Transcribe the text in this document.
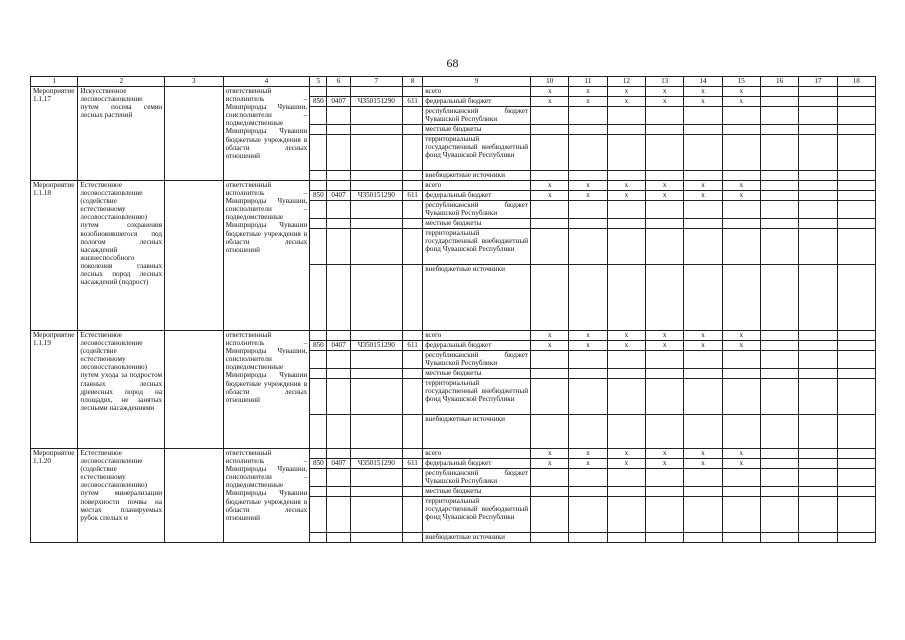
68
1	2	3	4	5	6	7	8	9	10	11	12	13	14	15	16	17	18
Мероприятие 1.1.17	Искусственное лесовосстановление путем посева семян лесных растений		ответственный исполнитель – Минприроды Чувашии, соисполнители – подведомственные Минприроды Чувашии бюджетные учреждения в области лесных отношений					всего	x	x	x	x	x	x			
				850	0407	Ч350151290	611	федеральный бюджет	x	x	x	x	x	x			
								республиканский бюджет Чувашской Республики									
								местные бюджеты									
								территориальный государственный внебюджетный фонд Чувашской Республики									
								внебюджетные источники									
Мероприятие 1.1.18	Естественное лесовосстановление (содействие естественному лесовосстановлению) путем сохранения возобновившегося под пологом лесных насаждений жизнеспособного поколения главных лесных пород лесных насаждений (подрост)		ответственный исполнитель – Минприроды Чувашии, соисполнители – подведомственные Минприроды Чувашии бюджетные учреждения в области лесных отношений					всего	x	x	x	x	x	x			
				850	0407	Ч350151290	611	федеральный бюджет	x	x	x	x	x	x			
								республиканский бюджет Чувашской Республики									
								местные бюджеты									
								территориальный государственный внебюджетный фонд Чувашской Республики									
								внебюджетные источники									
Мероприятие 1.1.19	Естественное лесовосстановление (содействие естественному лесовосстановлению) путем ухода за подростом главных лесных древесных пород на площадях, не занятых лесными насаждениями		ответственный исполнитель – Минприроды Чувашии, соисполнители подведомственные Минприроды Чувашии бюджетные учреждения в области лесных отношений					всего	x	x	x	x	x	x			
				850	0407	Ч350151290	611	федеральный бюджет	x	x	x	x	x	x			
								республиканский бюджет Чувашской Республики									
								местные бюджеты									
								территориальный государственный внебюджетный фонд Чувашской Республики									
								внебюджетные источники									
Мероприятие 1.1.20	Естественное лесовосстановление (содействие естественному лесовосстановлению) путем минерализации поверхности почвы на местах планируемых рубок спелых и		ответственный исполнитель – Минприроды Чувашии, соисполнители – подведомственные Минприроды Чувашии бюджетные учреждения в области лесных отношений					всего	x	x	x	x	x	x			
				850	0407	Ч350151290	611	федеральный бюджет	x	x	x	x	x	x			
								республиканский бюджет Чувашской Республики									
								местные бюджеты									
								территориальный государственный внебюджетный фонд Чувашской Республики									
								внебюджетные источники									
